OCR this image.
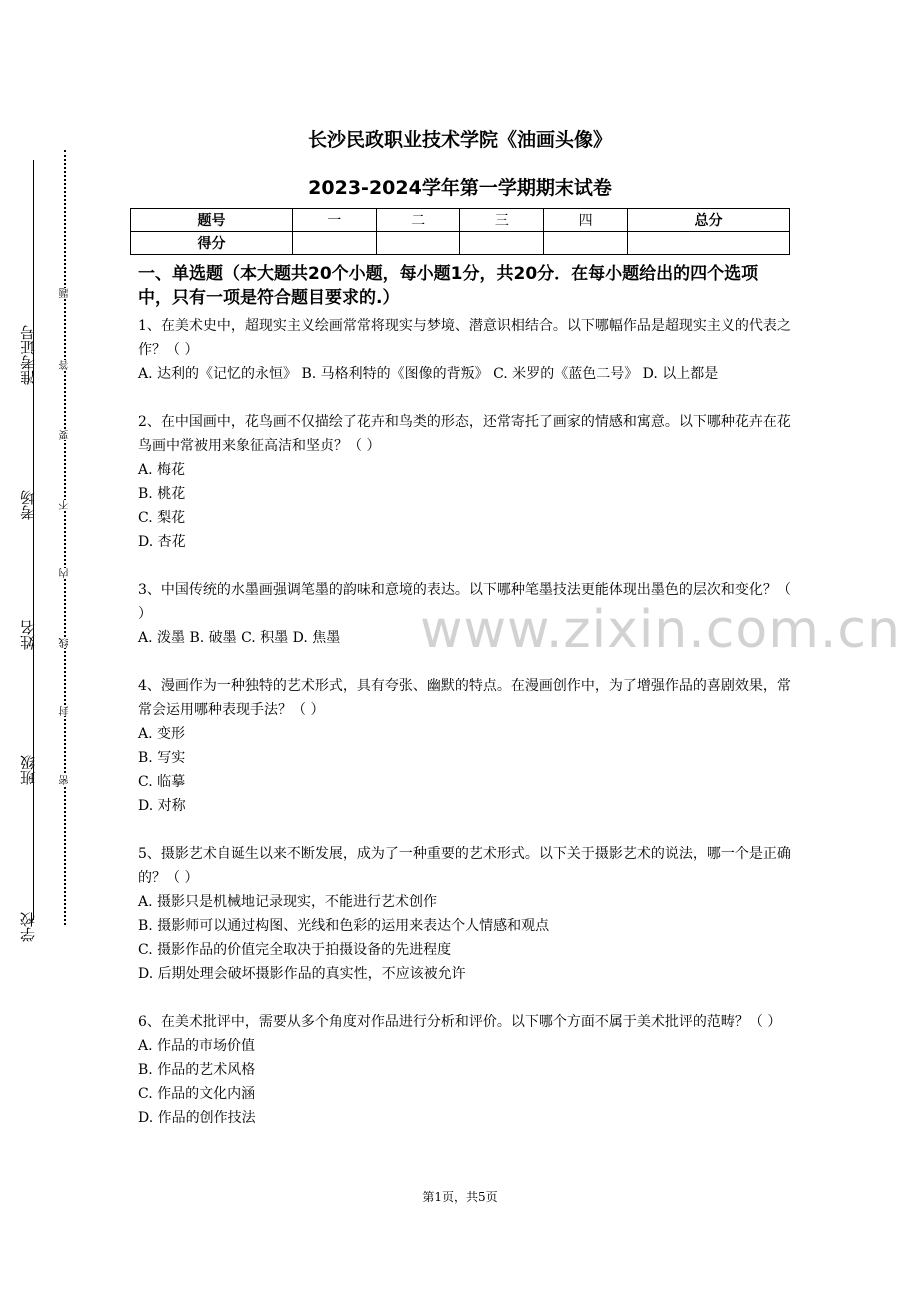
准考证号
考场
姓名
班级
学校
题
答
要
不
内
线
封
密
长沙民政职业技术学院《油画头像》
2023-2024学年第一学期期末试卷
题号	一	二	三	四	总分
得分					
www.zixin.com.cn
一、单选题（本大题共20个小题，每小题1分，共20分．在每小题给出的四个选项中，只有一项是符合题目要求的.）

1、在美术史中，超现实主义绘画常常将现实与梦境、潜意识相结合。以下哪幅作品是超现实主义的代表之作？（ ）

A. 达利的《记忆的永恒》 B. 马格利特的《图像的背叛》 C. 米罗的《蓝色二号》 D. 以上都是

2、在中国画中，花鸟画不仅描绘了花卉和鸟类的形态，还常寄托了画家的情感和寓意。以下哪种花卉在花鸟画中常被用来象征高洁和坚贞？（ ）

A. 梅花

B. 桃花

C. 梨花

D. 杏花

3、中国传统的水墨画强调笔墨的韵味和意境的表达。以下哪种笔墨技法更能体现出墨色的层次和变化？（ ）

A. 泼墨 B. 破墨 C. 积墨 D. 焦墨

4、漫画作为一种独特的艺术形式，具有夸张、幽默的特点。在漫画创作中，为了增强作品的喜剧效果，常常会运用哪种表现手法？（ ）

A. 变形

B. 写实

C. 临摹

D. 对称

5、摄影艺术自诞生以来不断发展，成为了一种重要的艺术形式。以下关于摄影艺术的说法，哪一个是正确的？（ ）

A. 摄影只是机械地记录现实，不能进行艺术创作

B. 摄影师可以通过构图、光线和色彩的运用来表达个人情感和观点

C. 摄影作品的价值完全取决于拍摄设备的先进程度

D. 后期处理会破坏摄影作品的真实性，不应该被允许

6、在美术批评中，需要从多个角度对作品进行分析和评价。以下哪个方面不属于美术批评的范畴？（ ）

A. 作品的市场价值

B. 作品的艺术风格

C. 作品的文化内涵

D. 作品的创作技法

第1页，共5页
